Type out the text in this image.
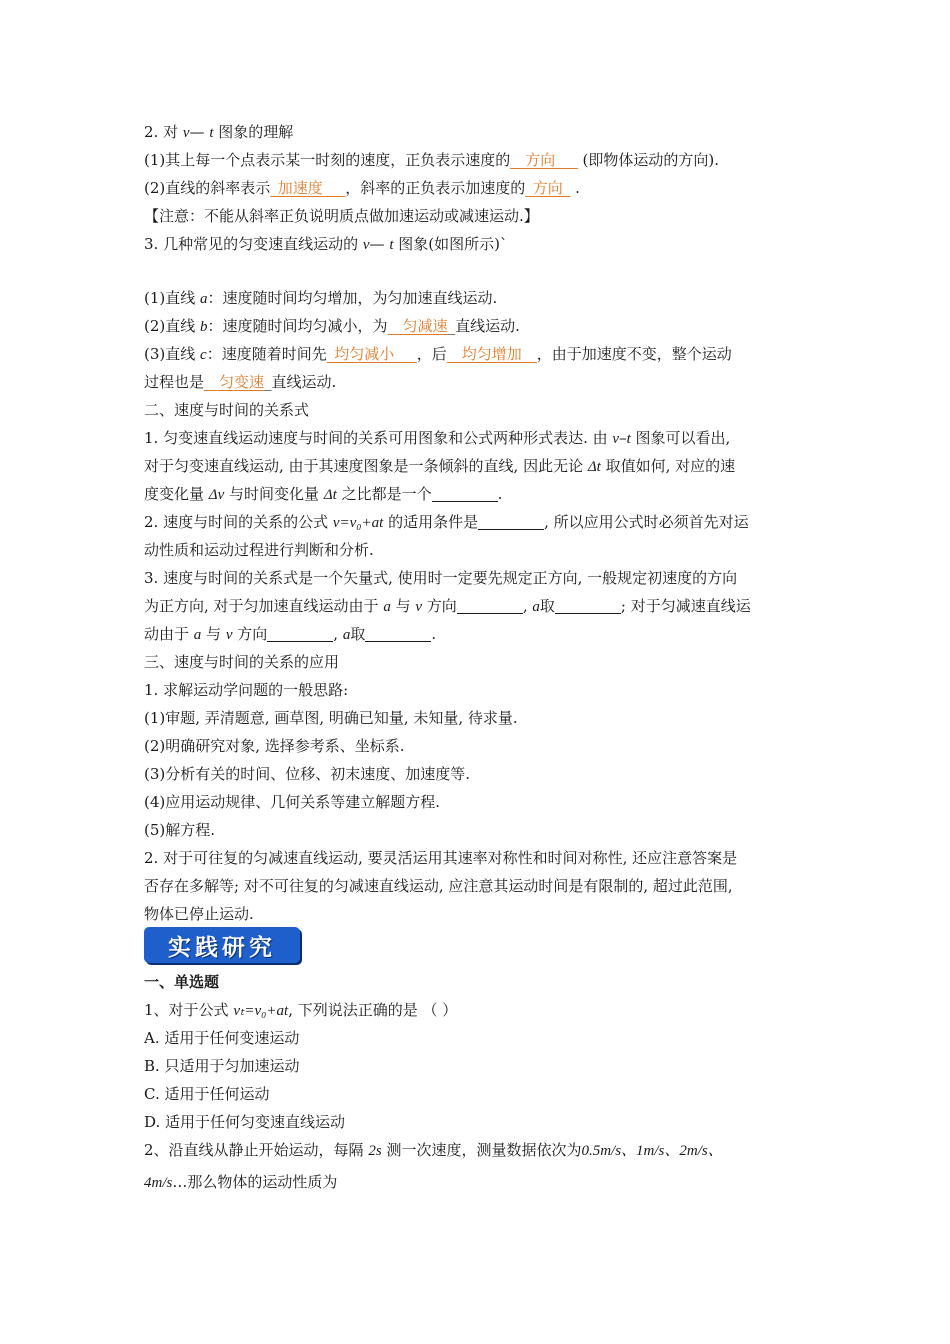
2. 对 v— t 图象的理解
(1)其上每一个点表示某一时刻的速度，正负表示速度的__方向___ (即物体运动的方向).
(2)直线的斜率表示_加速度___，斜率的正负表示加速度的_方向_ .
【注意：不能从斜率正负说明质点做加速运动或减速运动.】
3. 几种常见的匀变速直线运动的 v— t 图象(如图所示)`
(1)直线 a：速度随时间均匀增加，为匀加速直线运动.
(2)直线 b：速度随时间均匀减小，为__匀减速_直线运动.
(3)直线 c：速度随着时间先_均匀减小___，后__均匀增加__，由于加速度不变，整个运动
过程也是__匀变速_直线运动.
二、速度与时间的关系式
1. 匀变速直线运动速度与时间的关系可用图象和公式两种形式表达. 由 v–t 图象可以看出,
对于匀变速直线运动, 由于其速度图象是一条倾斜的直线, 因此无论 Δt 取值如何, 对应的速
度变化量 Δv 与时间变化量 Δt 之比都是一个	.
2. 速度与时间的关系的公式 v=v₀+at 的适用条件是	, 所以应用公式时必须首先对运
动性质和运动过程进行判断和分析.
3. 速度与时间的关系式是一个矢量式, 使用时一定要先规定正方向, 一般规定初速度的方向
为正方向, 对于匀加速直线运动由于 a 与 v 方向	, a取	; 对于匀减速直线运
动由于 a 与 v 方向	, a取	.
三、速度与时间的关系的应用
1. 求解运动学问题的一般思路:
(1)审题, 弄清题意, 画草图, 明确已知量, 未知量, 待求量.
(2)明确研究对象, 选择参考系、坐标系.
(3)分析有关的时间、位移、初末速度、加速度等.
(4)应用运动规律、几何关系等建立解题方程.
(5)解方程.
2. 对于可往复的匀减速直线运动, 要灵活运用其速率对称性和时间对称性, 还应注意答案是
否存在多解等; 对不可往复的匀减速直线运动, 应注意其运动时间是有限制的, 超过此范围,
物体已停止运动.
实践研究
一、单选题
1、对于公式 vₜ=v₀+at, 下列说法正确的是 （ ）
A. 适用于任何变速运动
B. 只适用于匀加速运动
C. 适用于任何运动
D. 适用于任何匀变速直线运动
2、沿直线从静止开始运动，每隔 2s 测一次速度，测量数据依次为0.5m/s、1m/s、2m/s、
4m/s…那么物体的运动性质为
